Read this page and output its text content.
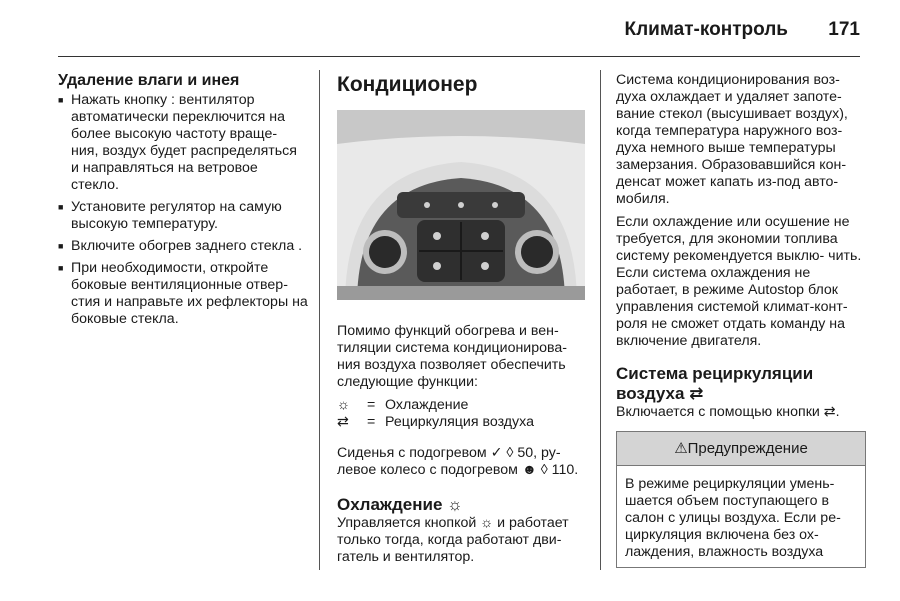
Климат-контроль 171
Удаление влаги и инея
■ Нажать кнопку : вентилятор автоматически переключится на более высокую частоту враще- ния, воздух будет распределяться и направляться на ветровое стекло.
■ Установите регулятор на самую высокую температуру.
■ Включите обогрев заднего стекла .
■ При необходимости, откройте боковые вентиляционные отвер- стия и направьте их рефлекторы на боковые стекла.
Кондиционер

Помимо функций обогрева и вен- тиляции система кондиционирова- ния воздуха позволяет обеспечить следующие функции:

☼ = Охлаждение
⇄ = Рециркуляция воздуха

Сиденья с подогревом ✓ ◊ 50, ру- левое колесо с подогревом ☻ ◊ 110.

Охлаждение ☼

Управляется кнопкой ☼ и работает только тогда, когда работают дви- гатель и вентилятор.

Система кондиционирования воз- духа охлаждает и удаляет запоте- вание стекол (высушивает воздух), когда температура наружного воз- духа немного выше температуры замерзания. Образовавшийся кон- денсат может капать из-под авто- мобиля.

Если охлаждение или осушение не требуется, для экономии топлива систему рекомендуется выклю- чить. Если система охлаждения не работает, в режиме Autostop блок управления системой климат-конт- роля не сможет отдать команду на включение двигателя.

Система рециркуляции воздуха ⇄

Включается с помощью кнопки ⇄.

⚠Предупреждение
В режиме рециркуляции умень- шается объем поступающего в салон с улицы воздуха. Если ре- циркуляция включена без ох- лаждения, влажность воздуха
